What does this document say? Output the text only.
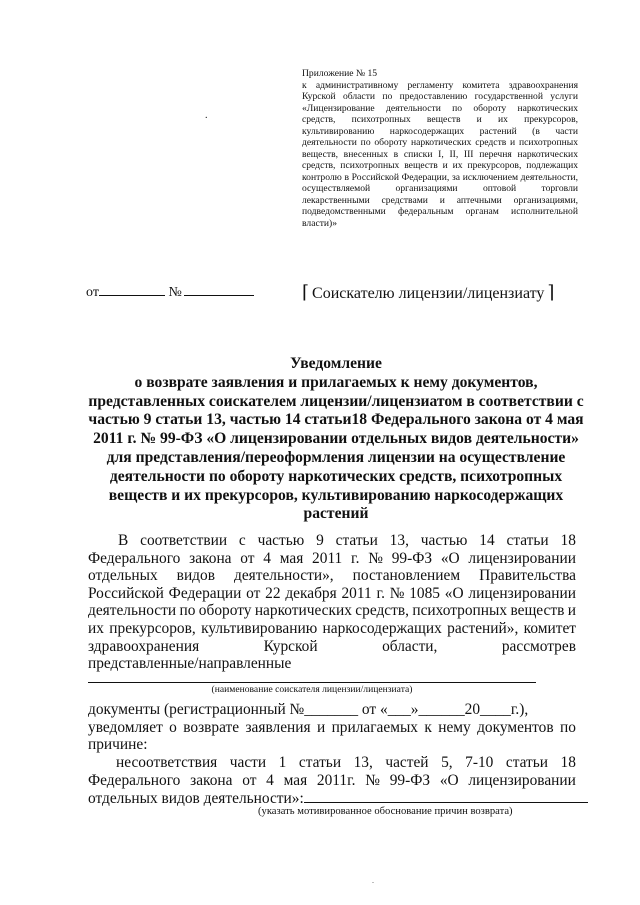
Приложение № 15
к административному регламенту комитета здравоохранения Курской области по предоставлению государственной услуги «Лицензирование деятельности по обороту наркотических средств, психотропных веществ и их прекурсоров, культивированию наркосодержащих растений (в части деятельности по обороту наркотических средств и психотропных веществ, внесенных в списки I, II, III перечня наркотических средств, психотропных веществ и их прекурсоров, подлежащих контролю в Российской Федерации, за исключением деятельности, осуществляемой организациями оптовой торговли лекарственными средствами и аптечными организациями, подведомственными федеральным органам исполнительной власти)»
.
от	№	⌈ Соискателю лицензии/лицензиату ⌉
Уведомление
о возврате заявления и прилагаемых к нему документов,
представленных соискателем лицензии/лицензиатом в соответствии с
частью 9 статьи 13, частью 14 статьи18 Федерального закона от 4 мая
2011 г. № 99-ФЗ «О лицензировании отдельных видов деятельности»
для представления/переоформления лицензии на осуществление
деятельности по обороту наркотических средств, психотропных
веществ и их прекурсоров, культивированию наркосодержащих
растений
В соответствии с частью 9 статьи 13, частью 14 статьи 18
Федерального закона от 4 мая 2011 г. № 99-ФЗ «О лицензировании
отдельных видов деятельности», постановлением Правительства
Российской Федерации от 22 декабря 2011 г. № 1085 «О лицензировании
деятельности по обороту наркотических средств, психотропных веществ и
их прекурсоров, культивированию наркосодержащих растений», комитет
здравоохранения	Курской	области,	рассмотрев
представленные/направленные
(наименование соискателя лицензии/лицензиата)
документы (регистрационный №_______ от «___»______20____г.),
уведомляет о возврате заявления и прилагаемых к нему документов по
причине:
несоответствия части 1 статьи 13, частей 5, 7-10 статьи 18
Федерального закона от 4 мая 2011г. № 99-ФЗ «О лицензировании
отдельных видов деятельности»:
(указать мотивированное обоснование причин возврата)
.
